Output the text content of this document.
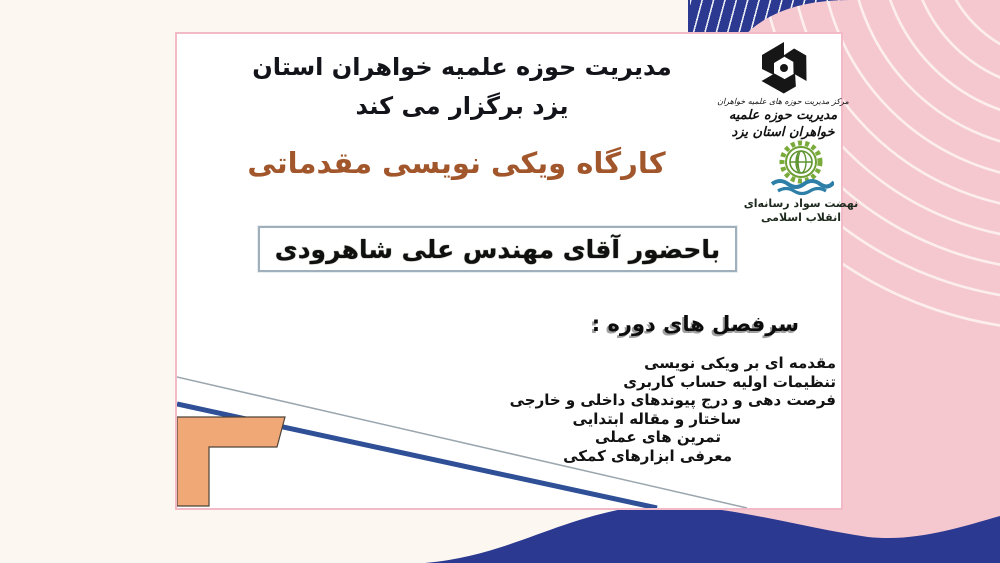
مدیریت حوزه علمیه خواهران استان
یزد برگزار می کند
کارگاه ویکی نویسی مقدماتی
باحضور آقای مهندس علی شاهرودی
مرکز مدیریت حوزه های علمیه خواهران
مدیریت حوزه علمیه خواهران استان یزد
نهضت سواد رسانه‌ای
انقلاب اسلامی
سرفصل های دوره :
مقدمه ای بر ویکی نویسی
تنظیمات اولیه حساب کاربری
فرصت دهی و درج پیوندهای داخلی و خارجی
ساختار و مقاله ابتدایی
تمرین های عملی
معرفی ابزارهای کمکی
